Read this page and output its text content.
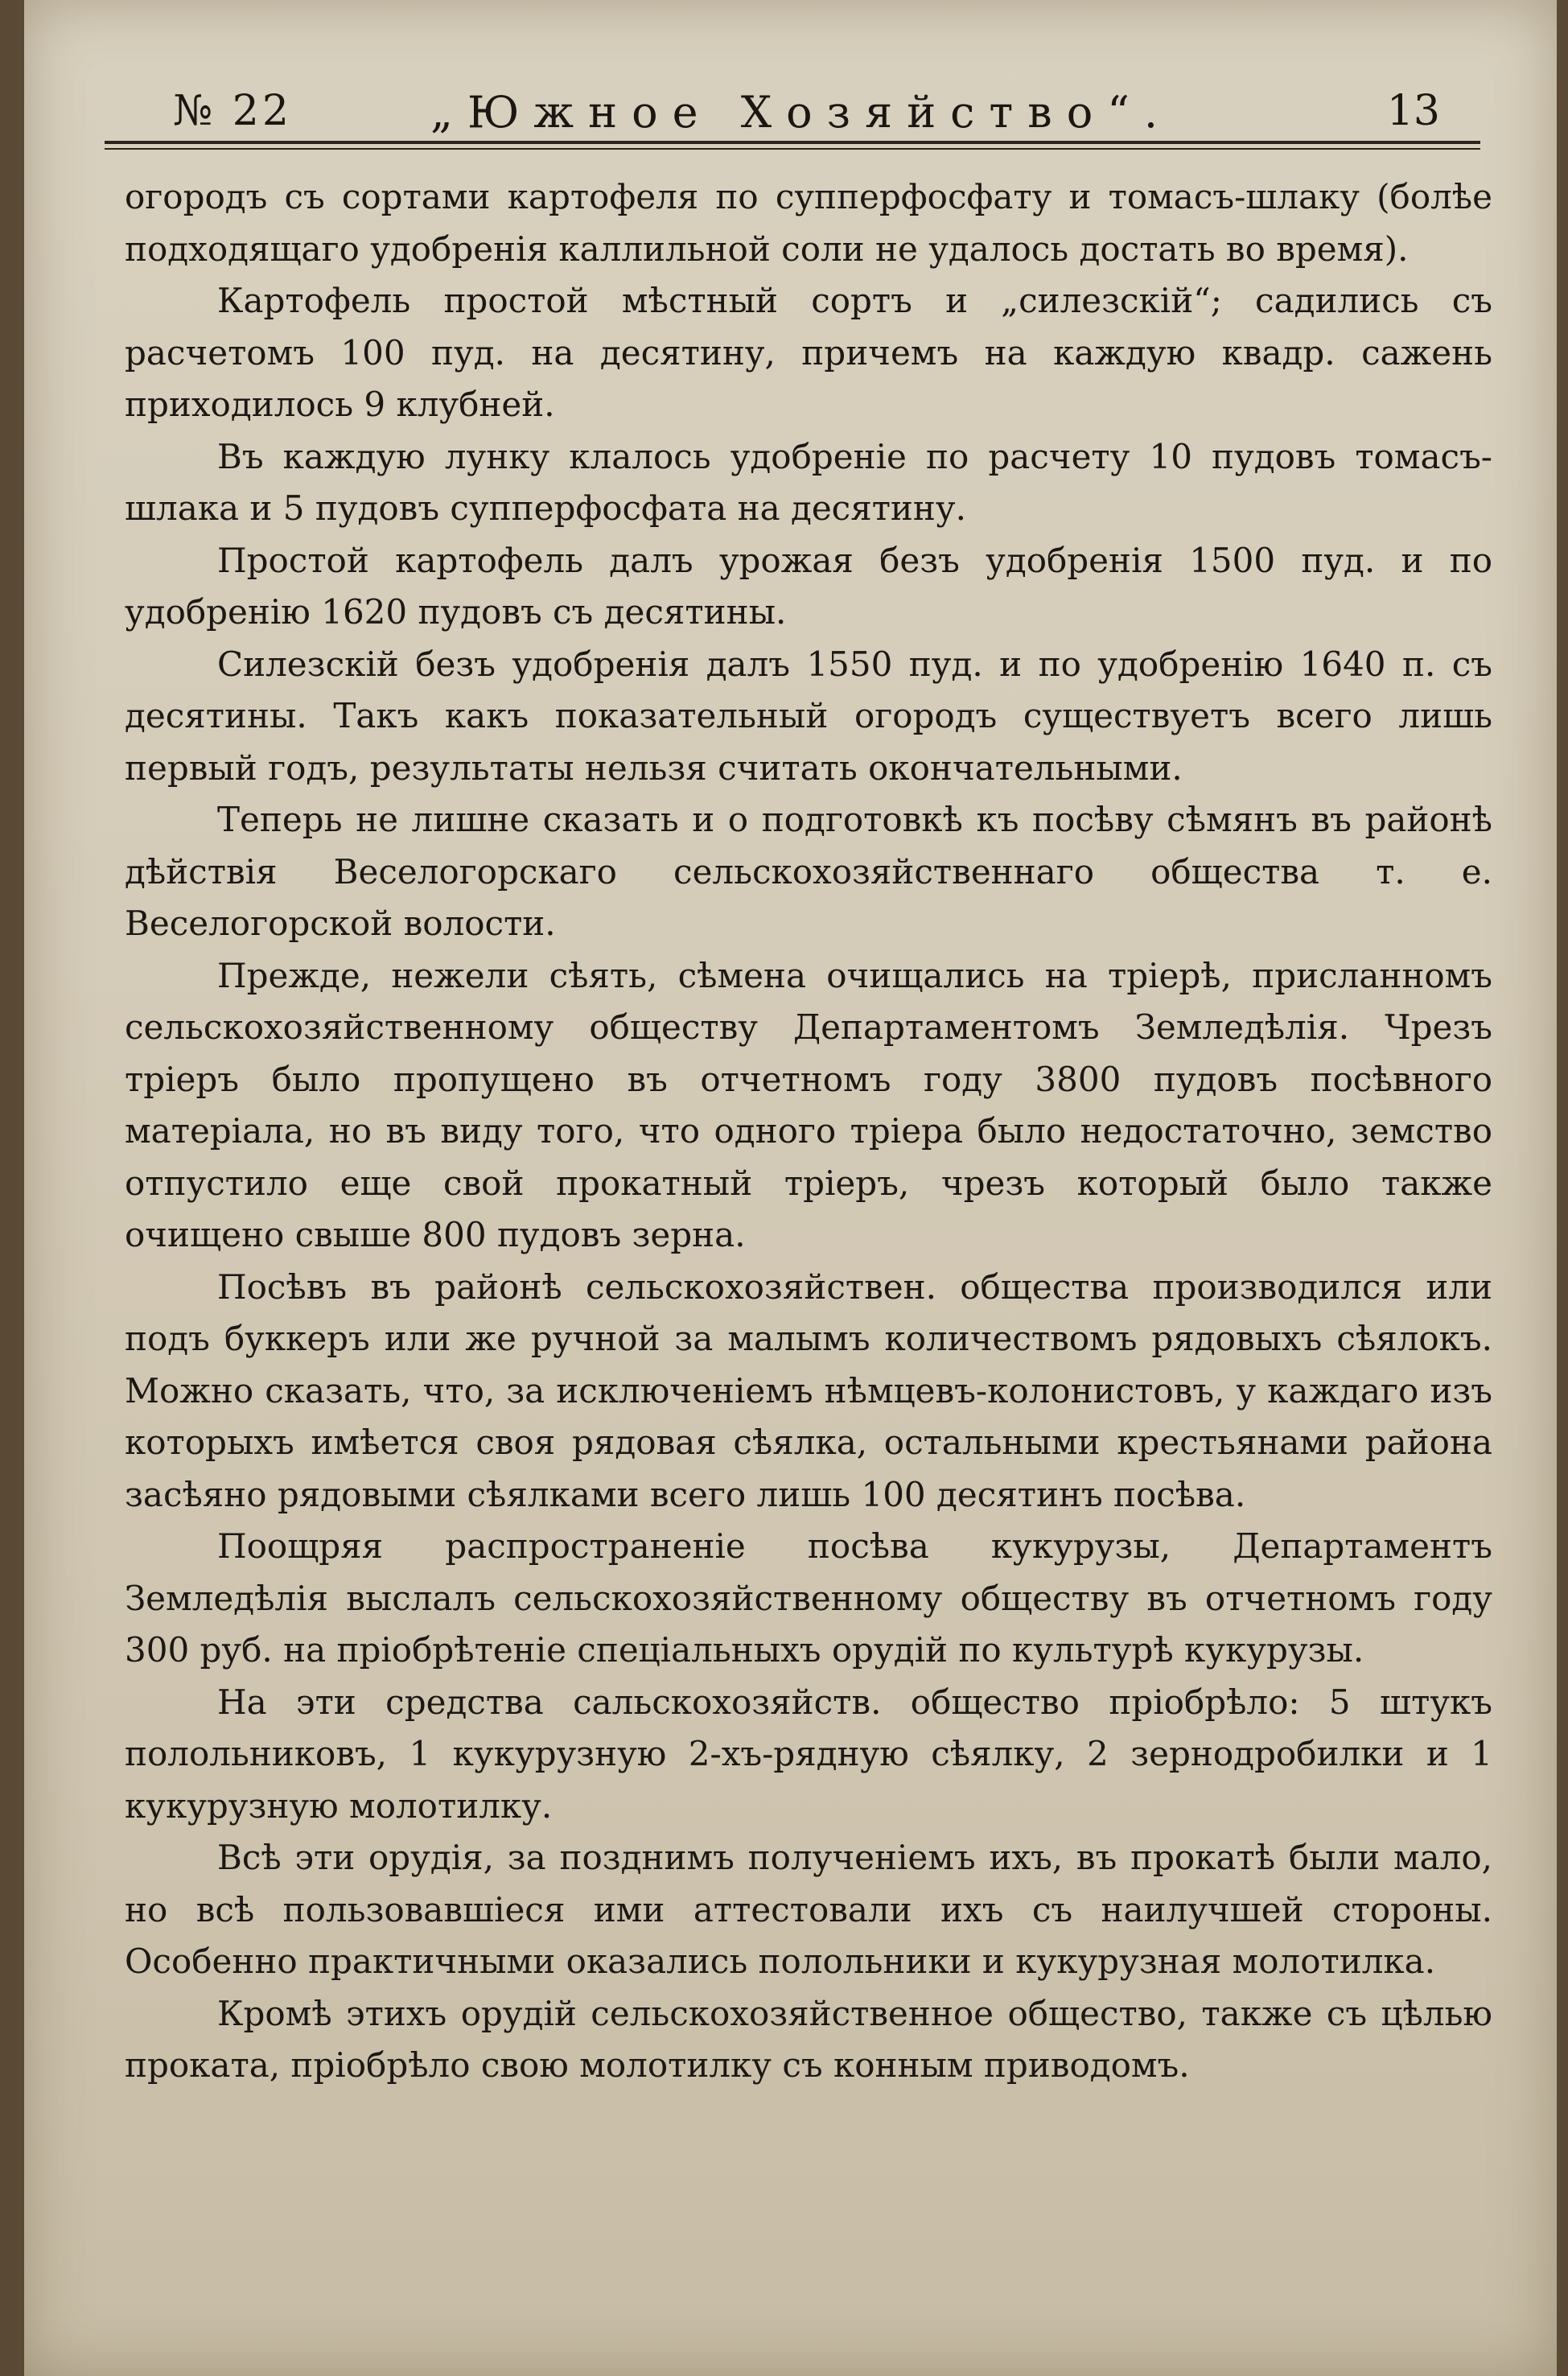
№ 22	„Южное Хозяйство“.	13

огородъ съ сортами картофеля по супперфосфату и томасъ-шлаку (болѣе подходящаго удобренія каллильной соли не удалось достать во время).

Картофель простой мѣстный сортъ и „силезскій“; садились съ расчетомъ 100 пуд. на десятину, причемъ на каждую квадр. сажень приходилось 9 клубней.

Въ каждую лунку клалось удобреніе по расчету 10 пудовъ томасъ-шлака и 5 пудовъ супперфосфата на десятину.

Простой картофель далъ урожая безъ удобренія 1500 пуд. и по удобренію 1620 пудовъ съ десятины.

Силезскій безъ удобренія далъ 1550 пуд. и по удобренію 1640 п. съ десятины. Такъ какъ показательный огородъ существуетъ всего лишь первый годъ, результаты нельзя считать окончательными.

Теперь не лишне сказать и о подготовкѣ къ посѣву сѣмянъ въ районѣ дѣйствія Веселогорскаго сельскохозяйственнаго общества т. е. Веселогорской волости.

Прежде, нежели сѣять, сѣмена очищались на тріерѣ, присланномъ сельскохозяйственному обществу Департаментомъ Земледѣлія. Чрезъ тріеръ было пропущено въ отчетномъ году 3800 пудовъ посѣвного матеріала, но въ виду того, что одного тріера было недостаточно, земство отпустило еще свой прокатный тріеръ, чрезъ который было также очищено свыше 800 пудовъ зерна.

Посѣвъ въ районѣ сельскохозяйствен. общества производился или подъ буккеръ или же ручной за малымъ количествомъ рядовыхъ сѣялокъ. Можно сказать, что, за исключеніемъ нѣмцевъ-колонистовъ, у каждаго изъ которыхъ имѣется своя рядовая сѣялка, остальными крестьянами района засѣяно рядовыми сѣялками всего лишь 100 десятинъ посѣва.

Поощряя распространеніе посѣва кукурузы, Департаментъ Земледѣлія выслалъ сельскохозяйственному обществу въ отчетномъ году 300 руб. на пріобрѣтеніе спеціальныхъ орудій по культурѣ кукурузы.

На эти средства сальскохозяйств. общество пріобрѣло: 5 штукъ полольниковъ, 1 кукурузную 2-хъ-рядную сѣялку, 2 зернодробилки и 1 кукурузную молотилку.

Всѣ эти орудія, за позднимъ полученіемъ ихъ, въ прокатѣ были мало, но всѣ пользовавшіеся ими аттестовали ихъ съ наилучшей стороны. Особенно практичными оказались полольники и кукурузная молотилка.

Кромѣ этихъ орудій сельскохозяйственное общество, также съ цѣлью проката, пріобрѣло свою молотилку съ конным приводомъ.
